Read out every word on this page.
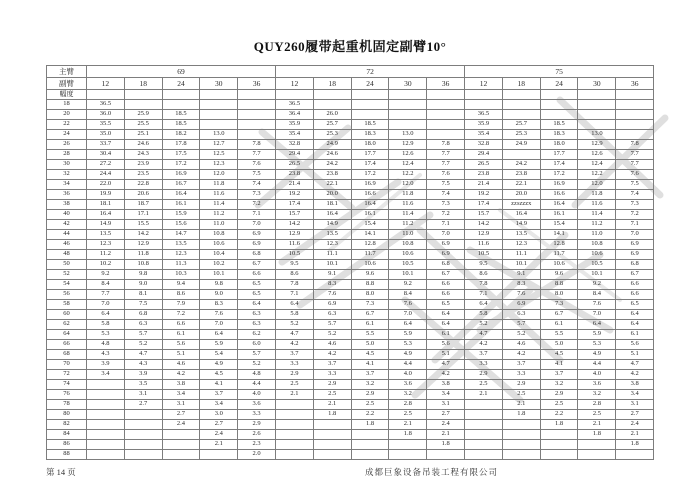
QUY260履带起重机固定副臂10°
主臂	69					72					75				
副臂	12	18	24	30	36	12	18	24	30	36	12	18	24	30	36
幅度															
18	36.5					36.5									
20	36.0	25.9	18.5			36.4	26.0				36.5				
22	35.5	25.5	18.5			35.9	25.7	18.5			35.9	25.7	18.5		
24	35.0	25.1	18.2	13.0		35.4	25.3	18.3	13.0		35.4	25.3	18.3	13.0	
26	33.7	24.6	17.8	12.7	7.8	32.8	24.9	18.0	12.9	7.8	32.8	24.9	18.0	12.9	7.8
28	30.4	24.3	17.5	12.5	7.7	29.4	24.6	17.7	12.6	7.7	29.4		17.7	12.6	7.7
30	27.2	23.9	17.2	12.3	7.6	26.5	24.2	17.4	12.4	7.7	26.5	24.2	17.4	12.4	7.7
32	24.4	23.5	16.9	12.0	7.5	23.8	23.8	17.2	12.2	7.6	23.8	23.8	17.2	12.2	7.6
34	22.0	22.8	16.7	11.8	7.4	21.4	22.1	16.9	12.0	7.5	21.4	22.1	16.9	12.0	7.5
36	19.9	20.6	16.4	11.6	7.3	19.2	20.0	16.6	11.8	7.4	19.2	20.0	16.6	11.8	7.4
38	18.1	18.7	16.1	11.4	7.2	17.4	18.1	16.4	11.6	7.3	17.4	zzszzzx	16.4	11.6	7.3
40	16.4	17.1	15.9	11.2	7.1	15.7	16.4	16.1	11.4	7.2	15.7	16.4	16.1	11.4	7.2
42	14.9	15.5	15.6	11.0	7.0	14.2	14.9	15.4	11.2	7.1	14.2	14.9	15.4	11.2	7.1
44	13.5	14.2	14.7	10.8	6.9	12.9	13.5	14.1	11.0	7.0	12.9	13.5	14.1	11.0	7.0
46	12.3	12.9	13.5	10.6	6.9	11.6	12.3	12.8	10.8	6.9	11.6	12.3	12.8	10.8	6.9
48	11.2	11.8	12.3	10.4	6.8	10.5	11.1	11.7	10.6	6.9	10.5	11.1	11.7	10.6	6.9
50	10.2	10.8	11.3	10.2	6.7	9.5	10.1	10.6	10.5	6.8	9.5	10.1	10.6	10.5	6.8
52	9.2	9.8	10.3	10.1	6.6	8.6	9.1	9.6	10.1	6.7	8.6	9.1	9.6	10.1	6.7
54	8.4	9.0	9.4	9.8	6.5	7.8	8.3	8.8	9.2	6.6	7.8	8.3	8.8	9.2	6.6
56	7.7	8.1	8.6	9.0	6.5	7.1	7.6	8.0	8.4	6.6	7.1	7.6	8.0	8.4	6.6
58	7.0	7.5	7.9	8.3	6.4	6.4	6.9	7.3	7.6	6.5	6.4	6.9	7.3	7.6	6.5
60	6.4	6.8	7.2	7.6	6.3	5.8	6.3	6.7	7.0	6.4	5.8	6.3	6.7	7.0	6.4
62	5.8	6.3	6.6	7.0	6.3	5.2	5.7	6.1	6.4	6.4	5.2	5.7	6.1	6.4	6.4
64	5.3	5.7	6.1	6.4	6.2	4.7	5.2	5.5	5.9	6.1	4.7	5.2	5.5	5.9	6.1
66	4.8	5.2	5.6	5.9	6.0	4.2	4.6	5.0	5.3	5.6	4.2	4.6	5.0	5.3	5.6
68	4.3	4.7	5.1	5.4	5.7	3.7	4.2	4.5	4.9	5.1	3.7	4.2	4.5	4.9	5.1
70	3.9	4.3	4.6	4.9	5.2	3.3	3.7	4.1	4.4	4.7	3.3	3.7	4.1	4.4	4.7
72	3.4	3.9	4.2	4.5	4.8	2.9	3.3	3.7	4.0	4.2	2.9	3.3	3.7	4.0	4.2
74		3.5	3.8	4.1	4.4	2.5	2.9	3.2	3.6	3.8	2.5	2.9	3.2	3.6	3.8
76		3.1	3.4	3.7	4.0	2.1	2.5	2.9	3.2	3.4	2.1	2.5	2.9	3.2	3.4
78		2.7	3.1	3.4	3.6		2.1	2.5	2.8	3.1		2.1	2.5	2.8	3.1
80			2.7	3.0	3.3		1.8	2.2	2.5	2.7		1.8	2.2	2.5	2.7
82			2.4	2.7	2.9			1.8	2.1	2.4			1.8	2.1	2.4
84				2.4	2.6				1.8	2.1				1.8	2.1
86				2.1	2.3					1.8					1.8
88					2.0										
第 14 页	成都巨象设备吊装工程有限公司
